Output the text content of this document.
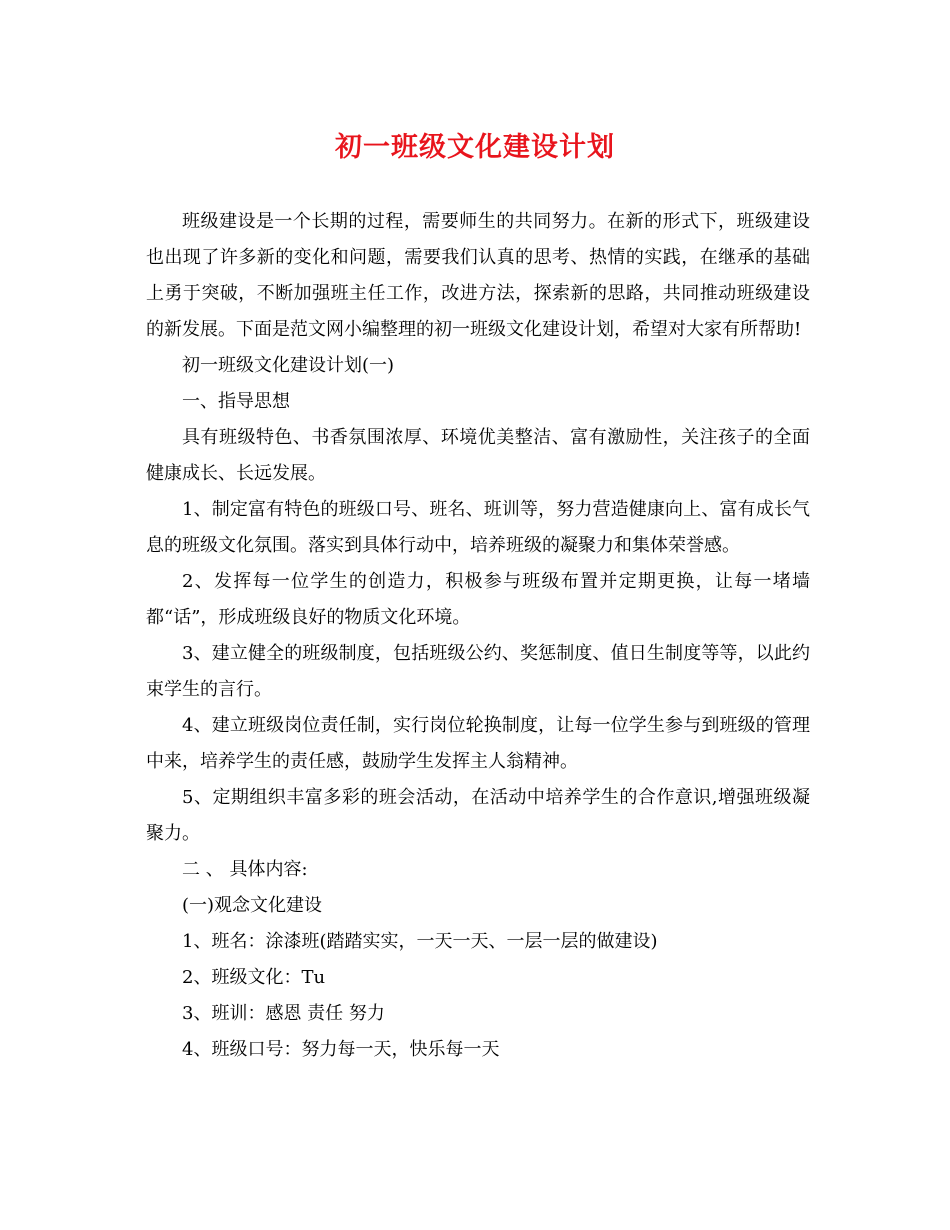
初一班级文化建设计划

班级建设是一个长期的过程，需要师生的共同努力。在新的形式下，班级建设也出现了许多新的变化和问题，需要我们认真的思考、热情的实践，在继承的基础上勇于突破，不断加强班主任工作，改进方法，探索新的思路，共同推动班级建设的新发展。下面是范文网小编整理的初一班级文化建设计划，希望对大家有所帮助!

初一班级文化建设计划(一)

一、指导思想

具有班级特色、书香氛围浓厚、环境优美整洁、富有激励性，关注孩子的全面健康成长、长远发展。

1、制定富有特色的班级口号、班名、班训等，努力营造健康向上、富有成长气息的班级文化氛围。落实到具体行动中，培养班级的凝聚力和集体荣誉感。

2、发挥每一位学生的创造力，积极参与班级布置并定期更换，让每一堵墙都“话”，形成班级良好的物质文化环境。

3、建立健全的班级制度，包括班级公约、奖惩制度、值日生制度等等，以此约束学生的言行。

4、建立班级岗位责任制，实行岗位轮换制度，让每一位学生参与到班级的管理中来，培养学生的责任感，鼓励学生发挥主人翁精神。

5、定期组织丰富多彩的班会活动，在活动中培养学生的合作意识,增强班级凝聚力。

二 、 具体内容:

(一)观念文化建设

1、班名：涂漆班(踏踏实实，一天一天、一层一层的做建设)

2、班级文化：Tu

3、班训：感恩 责任 努力

4、班级口号：努力每一天，快乐每一天
